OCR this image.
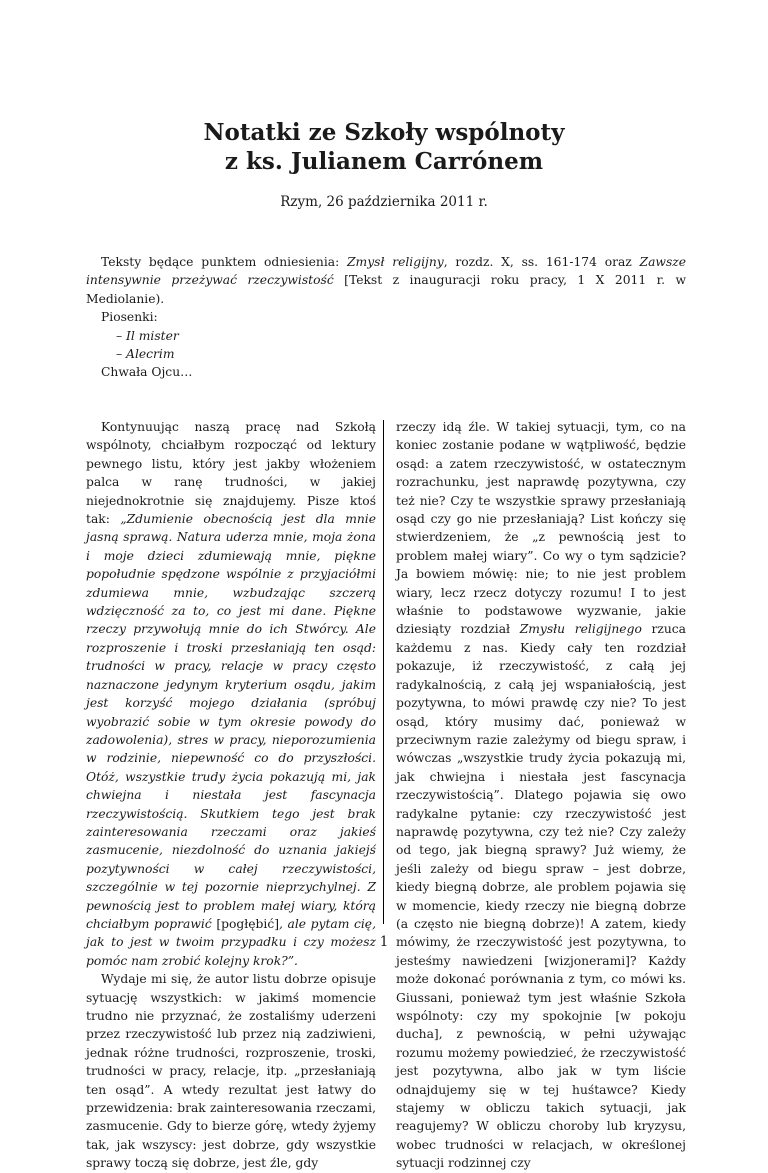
Notatki ze Szkoły wspólnoty
z ks. Julianem Carrónem

Rzym, 26 października 2011 r.

Teksty będące punktem odniesienia: Zmysł religijny, rozdz. X, ss. 161-174 oraz Zawsze intensywnie przeżywać rzeczywistość [Tekst z inauguracji roku pracy, 1 X 2011 r. w Mediolanie).

Piosenki:
– Il mister
– Alecrim
Chwała Ojcu…

Kontynuując naszą pracę nad Szkołą wspólnoty, chciałbym rozpocząć od lektury pewnego listu, który jest jakby włożeniem palca w ranę trudności, w jakiej niejednokrotnie się znajdujemy. Pisze ktoś tak: „Zdumienie obecnością jest dla mnie jasną sprawą. Natura uderza mnie, moja żona i moje dzieci zdumiewają mnie, piękne popołudnie spędzone wspólnie z przyjaciółmi zdumiewa mnie, wzbudzając szczerą wdzięczność za to, co jest mi dane. Piękne rzeczy przywołują mnie do ich Stwórcy. Ale rozproszenie i troski przesłaniają ten osąd: trudności w pracy, relacje w pracy często naznaczone jedynym kryterium osądu, jakim jest korzyść mojego działania (spróbuj wyobrazić sobie w tym okresie powody do zadowolenia), stres w pracy, nieporozumienia w rodzinie, niepewność co do przyszłości. Otóż, wszystkie trudy życia pokazują mi, jak chwiejna i niestała jest fascynacja rzeczywistością. Skutkiem tego jest brak zainteresowania rzeczami oraz jakieś zasmucenie, niezdolność do uznania jakiejś pozytywności w całej rzeczywistości, szczególnie w tej pozornie nieprzychylnej. Z pewnością jest to problem małej wiary, którą chciałbym poprawić [pogłębić], ale pytam cię, jak to jest w twoim przypadku i czy możesz pomóc nam zrobić kolejny krok?”.

Wydaje mi się, że autor listu dobrze opisuje sytuację wszystkich: w jakimś momencie trudno nie przyznać, że zostaliśmy uderzeni przez rzeczywistość lub przez nią zadziwieni, jednak różne trudności, rozproszenie, troski, trudności w pracy, relacje, itp. „przesłaniają ten osąd”. A wtedy rezultat jest łatwy do przewidzenia: brak zainteresowania rzeczami, zasmucenie. Gdy to bierze górę, wtedy żyjemy tak, jak wszyscy: jest dobrze, gdy wszystkie sprawy toczą się dobrze, jest źle, gdy

rzeczy idą źle. W takiej sytuacji, tym, co na koniec zostanie podane w wątpliwość, będzie osąd: a zatem rzeczywistość, w ostatecznym rozrachunku, jest naprawdę pozytywna, czy też nie? Czy te wszystkie sprawy przesłaniają osąd czy go nie przesłaniają? List kończy się stwierdzeniem, że „z pewnością jest to problem małej wiary”. Co wy o tym sądzicie? Ja bowiem mówię: nie; to nie jest problem wiary, lecz rzecz dotyczy rozumu! I to jest właśnie to podstawowe wyzwanie, jakie dziesiąty rozdział Zmysłu religijnego rzuca każdemu z nas. Kiedy cały ten rozdział pokazuje, iż rzeczywistość, z całą jej radykalnością, z całą jej wspaniałością, jest pozytywna, to mówi prawdę czy nie? To jest osąd, który musimy dać, ponieważ w przeciwnym razie zależymy od biegu spraw, i wówczas „wszystkie trudy życia pokazują mi, jak chwiejna i niestała jest fascynacja rzeczywistością”. Dlatego pojawia się owo radykalne pytanie: czy rzeczywistość jest naprawdę pozytywna, czy też nie? Czy zależy od tego, jak biegną sprawy? Już wiemy, że jeśli zależy od biegu spraw – jest dobrze, kiedy biegną dobrze, ale problem pojawia się w momencie, kiedy rzeczy nie biegną dobrze (a często nie biegną dobrze)! A zatem, kiedy mówimy, że rzeczywistość jest pozytywna, to jesteśmy nawiedzeni [wizjonerami]? Każdy może dokonać porównania z tym, co mówi ks. Giussani, ponieważ tym jest właśnie Szkoła wspólnoty: czy my spokojnie [w pokoju ducha], z pewnością, w pełni używając rozumu możemy powiedzieć, że rzeczywistość jest pozytywna, albo jak w tym liście odnajdujemy się w tej huśtawce? Kiedy stajemy w obliczu takich sytuacji, jak reagujemy? W obliczu choroby lub kryzysu, wobec trudności w relacjach, w określonej sytuacji rodzinnej czy

1
